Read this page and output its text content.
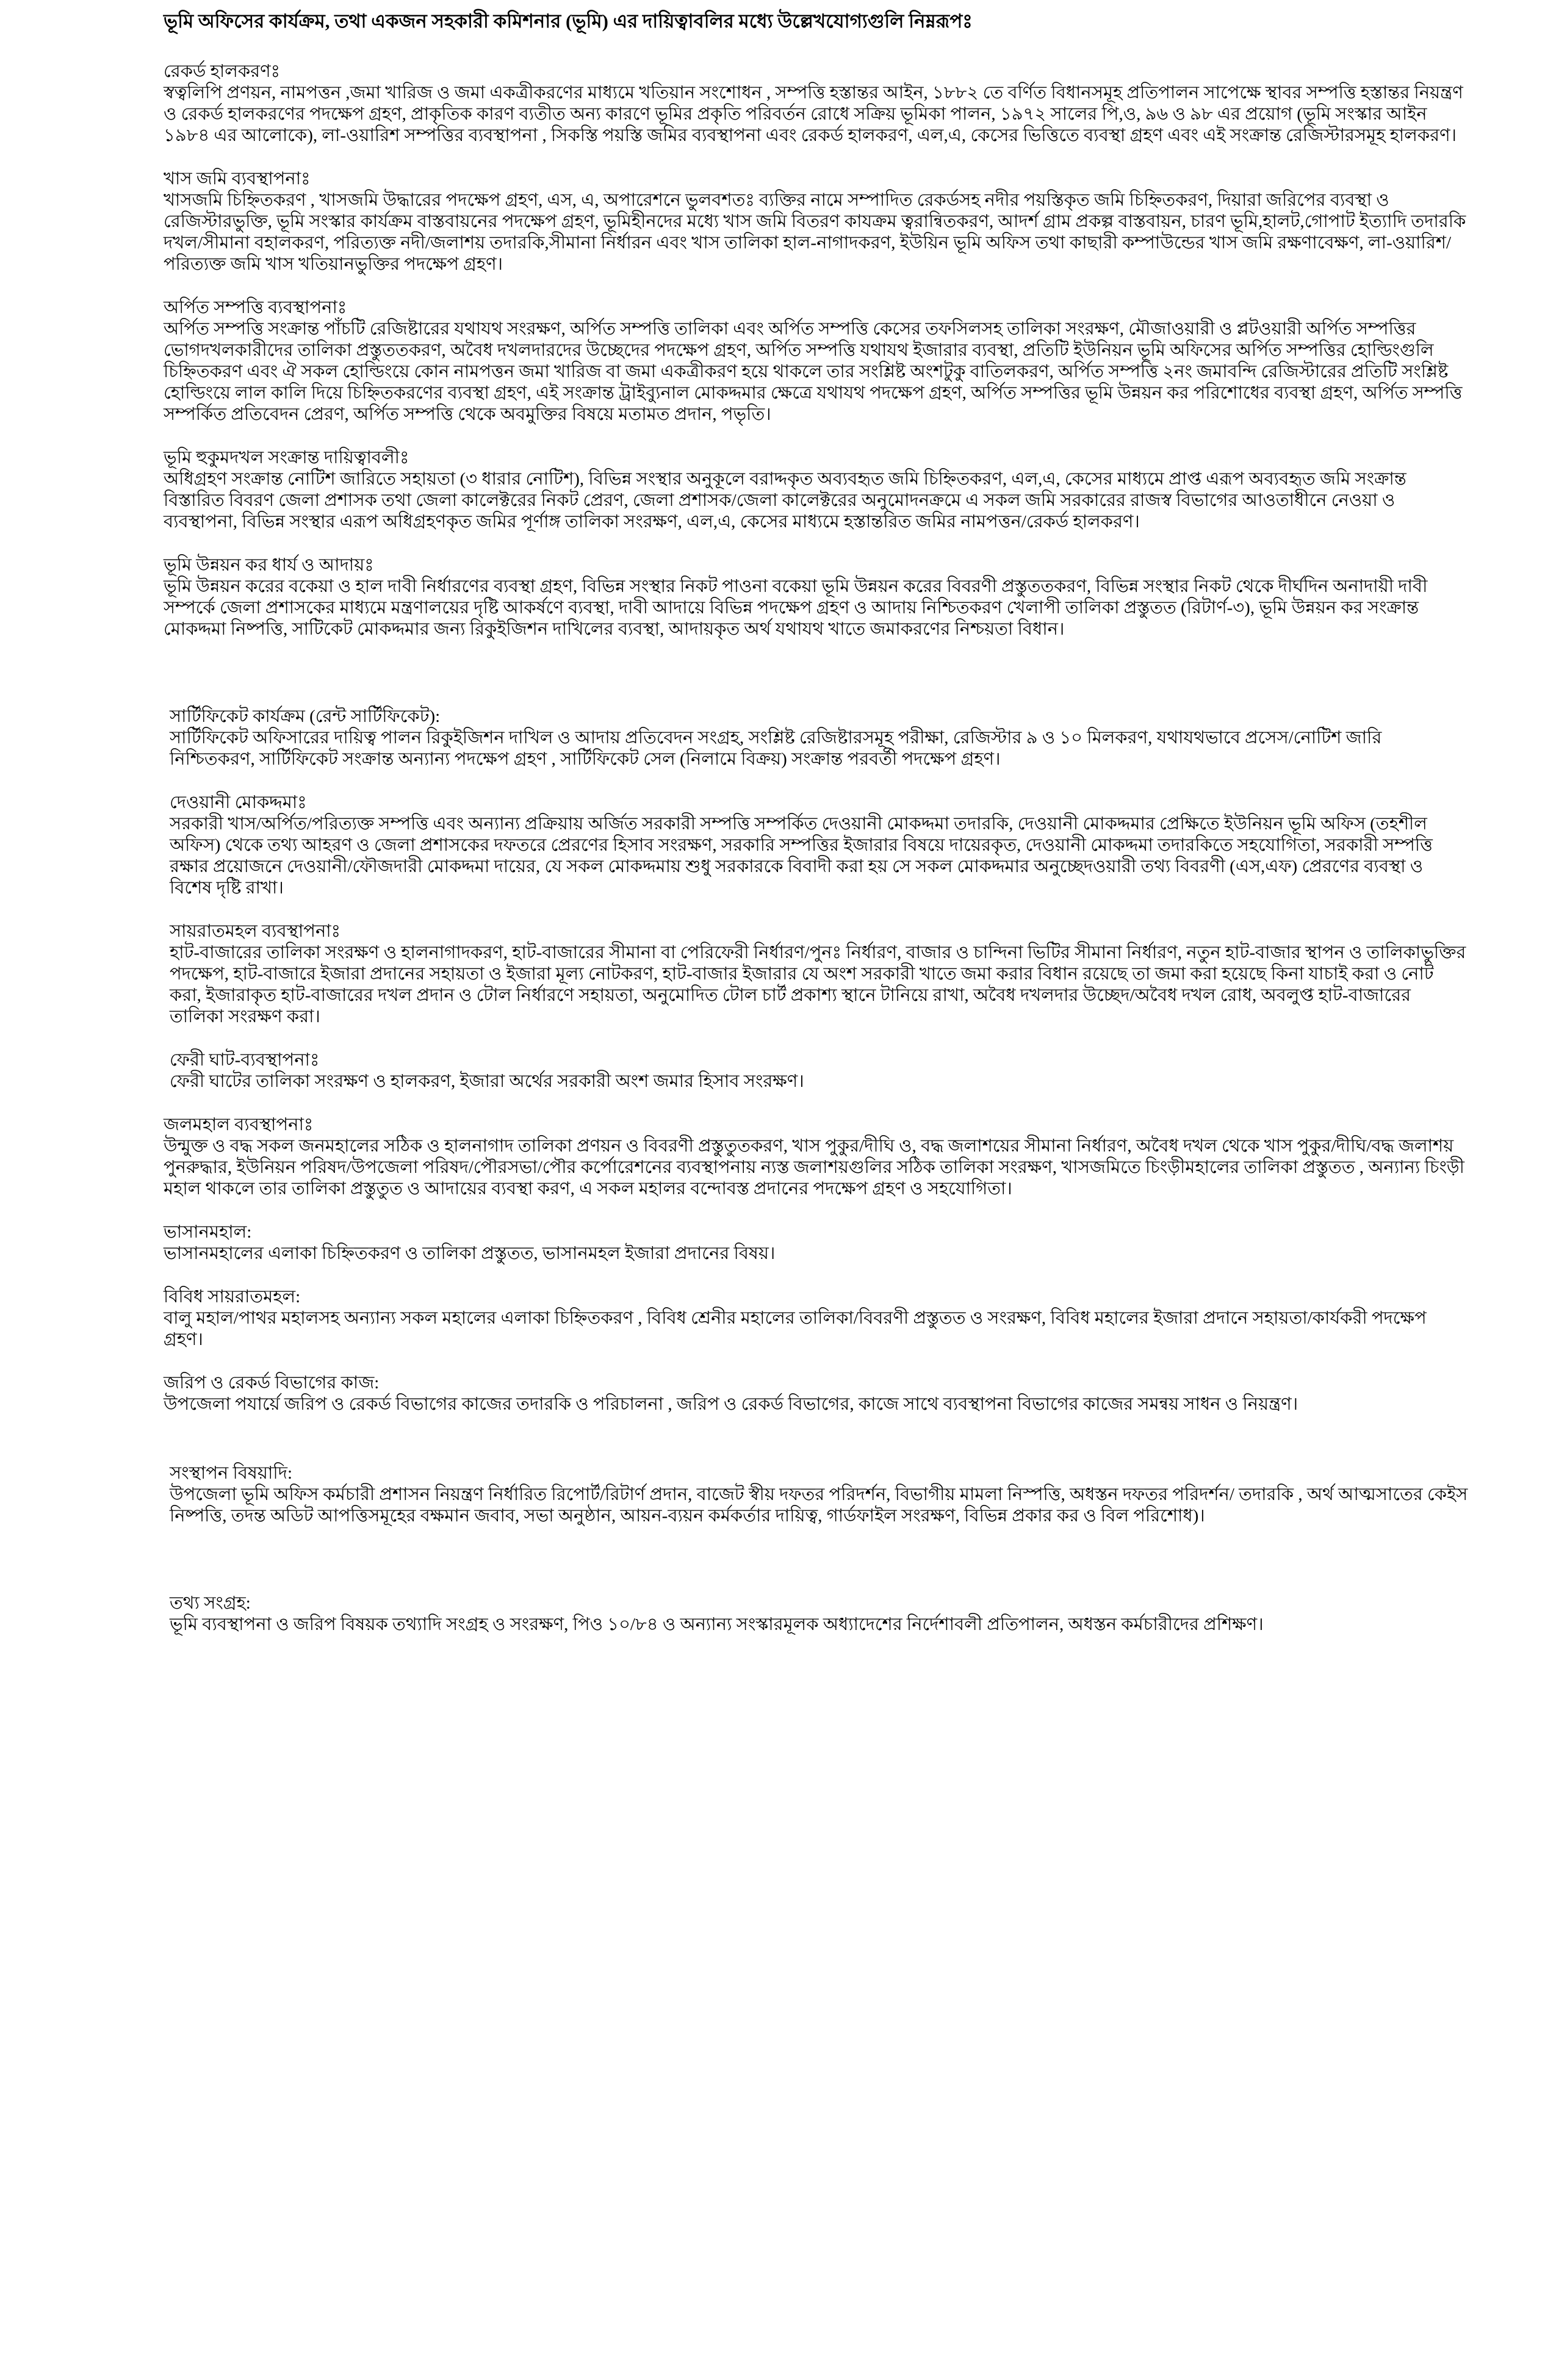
ভূমি অফিসের কার্যক্রম, তথা একজন সহকারী কমিশনার (ভূমি) এর দায়িত্বাবলির মধ্যে উল্লেখযোগ্যগুলি নিম্নরূপঃ
রেকর্ড হালকরণঃ

স্বত্বলিপি প্রণয়ন, নামপত্তন ,জমা খারিজ ও জমা একত্রীকরণের মাধ্যমে খতিয়ান সংশোধন , সম্পত্তি হস্তান্তর আইন, ১৮৮২ তে বর্ণিত বিধানসমূহ প্রতিপালন সাপেক্ষে স্থাবর সম্পত্তি হস্তান্তর নিয়ন্ত্রণ ও রেকর্ড হালকরণের পদক্ষেপ গ্রহণ, প্রাকৃতিক কারণ ব্যতীত অন্য কারণে ভূমির প্রকৃতি পরিবর্তন রোধে সক্রিয় ভূমিকা পালন, ১৯৭২ সালের পি,ও, ৯৬ ও ৯৮ এর প্রয়োগ (ভূমি সংস্কার আইন ১৯৮৪ এর আলোকে), লা-ওয়ারিশ সম্পত্তির ব্যবস্থাপনা , সিকস্তি পয়স্তি জমির ব্যবস্থাপনা এবং রেকর্ড হালকরণ, এল,এ, কেসের ভিত্তিতে ব্যবস্থা গ্রহণ এবং এই সংক্রান্ত রেজিস্টারসমূহ হালকরণ।

খাস জমি ব্যবস্থাপনাঃ

খাসজমি চিহ্নিতকরণ , খাসজমি উদ্ধারের পদক্ষেপ গ্রহণ, এস, এ, অপারেশনে ভুলবশতঃ ব্যক্তির নামে সম্পাদিত রেকর্ডসহ নদীর পয়স্তিকৃত জমি চিহ্নিতকরণ, দিয়ারা জরিপের ব্যবস্থা ও রেজিস্টারভুক্তি, ভূমি সংস্কার কার্যক্রম বাস্তবায়নের পদক্ষেপ গ্রহণ, ভূমিহীনদের মধ্যে খাস জমি বিতরণ কাযক্রম ত্বরান্বিতকরণ, আদর্শ গ্রাম প্রকল্প বাস্তবায়ন, চারণ ভূমি,হালট,গোপাট ইত্যাদি তদারকি দখল/সীমানা বহালকরণ, পরিত্যক্ত নদী/জলাশয় তদারকি,সীমানা নির্ধারন এবং খাস তালিকা হাল-নাগাদকরণ, ইউয়িন ভূমি অফিস তথা কাছারী কম্পাউন্ডের খাস জমি রক্ষণাবেক্ষণ, লা-ওয়ারিশ/পরিত্যক্ত জমি খাস খতিয়ানভুক্তির পদক্ষেপ গ্রহণ।

অর্পিত সম্পত্তি ব্যবস্থাপনাঃ

অর্পিত সম্পত্তি সংক্রান্ত পাঁচটি রেজিষ্টারের যথাযথ সংরক্ষণ, অর্পিত সম্পত্তি তালিকা এবং অর্পিত সম্পত্তি কেসের তফসিলসহ তালিকা সংরক্ষণ, মৌজাওয়ারী ও প্লটওয়ারী অর্পিত সম্পত্তির ভোগদখলকারীদের তালিকা প্রস্তুততকরণ, অবৈধ দখলদারদের উচ্ছেদের পদক্ষেপ গ্রহণ, অর্পিত সম্পত্তি যথাযথ ইজারার ব্যবস্থা, প্রতিটি ইউনিয়ন ভূমি অফিসের অর্পিত সম্পত্তির হোল্ডিংগুলি চিহ্নিতকরণ এবং ঐ সকল হোল্ডিংয়ে কোন নামপত্তন জমা খারিজ বা জমা একত্রীকরণ হয়ে থাকলে তার সংশ্লিষ্ট অংশটুকু বাতিলকরণ, অর্পিত সম্পত্তি ২নং জমাবন্দি রেজিস্টারের প্রতিটি সংশ্লিষ্ট হোল্ডিংয়ে লাল কালি দিয়ে চিহ্নিতকরণের ব্যবস্থা গ্রহণ, এই সংক্রান্ত ট্রাইব্যুনাল মোকদ্দমার ক্ষেত্রে যথাযথ পদক্ষেপ গ্রহণ, অর্পিত সম্পত্তির ভূমি উন্নয়ন কর পরিশোধের ব্যবস্থা গ্রহণ, অর্পিত সম্পত্তি সম্পর্কিত প্রতিবেদন প্রেরণ, অর্পিত সম্পত্তি থেকে অবমুক্তির বিষয়ে মতামত প্রদান, পভৃতি।

ভূমি হুকুমদখল সংক্রান্ত দায়িত্বাবলীঃ

অধিগ্রহণ সংক্রান্ত নোটিশ জারিতে সহায়তা (৩ ধারার নোটিশ), বিভিন্ন সংস্থার অনুকূলে বরাদ্দকৃত অব্যবহৃত জমি চিহ্নিতকরণ, এল,এ, কেসের মাধ্যমে প্রাপ্ত এরূপ অব্যবহৃত জমি সংক্রান্ত বিস্তারিত বিবরণ জেলা প্রশাসক তথা জেলা কালেক্টরের নিকট প্রেরণ, জেলা প্রশাসক/জেলা কালেক্টরের অনুমোদনক্রমে এ সকল জমি সরকারের রাজস্ব বিভাগের আওতাধীনে নেওয়া ও ব্যবস্থাপনা, বিভিন্ন সংস্থার এরূপ অধিগ্রহণকৃত জমির পূর্ণাঙ্গ তালিকা সংরক্ষণ, এল,এ, কেসের মাধ্যমে হস্তান্তরিত জমির নামপত্তন/রেকর্ড হালকরণ।

ভূমি উন্নয়ন কর ধার্য ও আদায়ঃ

ভূমি উন্নয়ন করের বকেয়া ও হাল দাবী নির্ধারণের ব্যবস্থা গ্রহণ, বিভিন্ন সংস্থার নিকট পাওনা বকেয়া ভূমি উন্নয়ন করের বিবরণী প্রস্তুততকরণ, বিভিন্ন সংস্থার নিকট থেকে দীর্ঘদিন অনাদায়ী দাবী সম্পর্কে জেলা প্রশাসকের মাধ্যমে মন্ত্রণালয়ের দৃষ্টি আকর্ষণে ব্যবস্থা, দাবী আদায়ে বিভিন্ন পদক্ষেপ গ্রহণ ও আদায় নিশ্চিতকরণ খেলাপী তালিকা প্রস্তুতত (রিটার্ণ-৩), ভূমি উন্নয়ন কর সংক্রান্ত মোকদ্দমা নিষ্পত্তি, সাটিকেট মোকদ্দমার জন্য রিকুইজিশন দাখিলের ব্যবস্থা, আদায়কৃত অর্থ যথাযথ খাতে জমাকরণের নিশ্চয়তা বিধান।

সার্টিফিকেট কার্যক্রম (রেন্ট সার্টিফিকেট):

সার্টিফিকেট অফিসারের দায়িত্ব পালন রিকুইজিশন দাখিল ও আদায় প্রতিবেদন সংগ্রহ, সংশ্লিষ্ট রেজিষ্টারসমূহ পরীক্ষা, রেজিস্টার ৯ ও ১০ মিলকরণ, যথাযথভাবে প্রসেস/নোটিশ জারি নিশ্চিতকরণ, সার্টিফিকেট সংক্রান্ত অন্যান্য পদক্ষেপ গ্রহণ , সার্টিফিকেট সেল (নিলামে বিক্রয়) সংক্রান্ত পরবর্তী পদক্ষেপ গ্রহণ।

দেওয়ানী মোকদ্দমাঃ

সরকারী খাস/অর্পিত/পরিত্যক্ত সম্পত্তি এবং অন্যান্য প্রক্রিয়ায় অর্জিত সরকারী সম্পত্তি সম্পর্কিত দেওয়ানী মোকদ্দমা তদারকি, দেওয়ানী মোকদ্দমার প্রেক্ষিতে ইউনিয়ন ভূমি অফিস (তহশীল অফিস) থেকে তথ্য আহরণ ও জেলা প্রশাসকের দফতরে প্রেরণের হিসাব সংরক্ষণ, সরকারি সম্পত্তির ইজারার বিষয়ে দায়েরকৃত, দেওয়ানী মোকদ্দমা তদারকিতে সহযোগিতা, সরকারী সম্পত্তি রক্ষার প্রয়োজনে দেওয়ানী/ফৌজদারী মোকদ্দমা দায়ের, যে সকল মোকদ্দমায় শুধু সরকারকে বিবাদী করা হয় সে সকল মোকদ্দমার অনুচ্ছেদওয়ারী তথ্য বিবরণী (এস,এফ) প্রেরণের ব্যবস্থা ও বিশেষ দৃষ্টি রাখা।

সায়রাতমহল ব্যবস্থাপনাঃ

হাট-বাজারের তালিকা সংরক্ষণ ও হালনাগাদকরণ, হাট-বাজারের সীমানা বা পেরিফেরী নির্ধারণ/পুনঃ নির্ধারণ, বাজার ও চান্দিনা ভিটির সীমানা নির্ধারণ, নতুন হাট-বাজার স্থাপন ও তালিকাভুক্তির পদক্ষেপ, হাট-বাজারে ইজারা প্রদানের সহায়তা ও ইজারা মূল্য নোটকরণ, হাট-বাজার ইজারার যে অংশ সরকারী খাতে জমা করার বিধান রয়েছে তা জমা করা হয়েছে কিনা যাচাই করা ও নোট করা, ইজারাকৃত হাট-বাজারের দখল প্রদান ও টোল নির্ধারণে সহায়তা, অনুমোদিত টোল চার্ট প্রকাশ্য স্থানে টানিয়ে রাখা, অবৈধ দখলদার উচ্ছেদ/অবৈধ দখল রোধ, অবলুপ্ত হাট-বাজারের তালিকা সংরক্ষণ করা।

ফেরী ঘাট-ব্যবস্থাপনাঃ

ফেরী ঘাটের তালিকা সংরক্ষণ ও হালকরণ, ইজারা অর্থের সরকারী অংশ জমার হিসাব সংরক্ষণ।

জলমহাল ব্যবস্থাপনাঃ

উন্মুক্ত ও বদ্ধ সকল জনমহালের সঠিক ও হালনাগাদ তালিকা প্রণয়ন ও বিবরণী প্রস্তুতুতকরণ, খাস পুকুর/দীঘি ও, বদ্ধ জলাশয়ের সীমানা নির্ধারণ, অবৈধ দখল থেকে খাস পুকুর/দীঘি/বদ্ধ জলাশয় পুনরুদ্ধার, ইউনিয়ন পরিষদ/উপজেলা পরিষদ/পৌরসভা/পৌর কর্পোরেশনের ব্যবস্থাপনায় ন্যস্ত জলাশয়গুলির সঠিক তালিকা সংরক্ষণ, খাসজমিতে চিংড়ীমহালের তালিকা প্রস্তুতত , অন্যান্য চিংড়ী মহাল থাকলে তার তালিকা প্রস্তুতুত ও আদায়ের ব্যবস্থা করণ, এ সকল মহালর বন্দোবস্ত প্রদানের পদক্ষেপ গ্রহণ ও সহযোগিতা।

ভাসানমহাল:

ভাসানমহালের এলাকা চিহ্নিতকরণ ও তালিকা প্রস্তুতত, ভাসানমহল ইজারা প্রদানের বিষয়।

বিবিধ সায়রাতমহল:

বালু মহাল/পাথর মহালসহ অন্যান্য সকল মহালের এলাকা চিহ্নিতকরণ , বিবিধ শ্রেনীর মহালের তালিকা/বিবরণী প্রস্তুতত ও সংরক্ষণ, বিবিধ মহালের ইজারা প্রদানে সহায়তা/কার্যকরী পদক্ষেপ গ্রহণ।

জরিপ ও রেকর্ড বিভাগের কাজ:

উপজেলা পযার্য়ে জরিপ ও রেকর্ড বিভাগের কাজের তদারকি ও পরিচালনা , জরিপ ও রেকর্ড বিভাগের, কাজে সাথে ব্যবস্থাপনা বিভাগের কাজের সমন্বয় সাধন ও নিয়ন্ত্রণ।

সংস্থাপন বিষয়াদি:

উপজেলা ভূমি অফিস কর্মচারী প্রশাসন নিয়ন্ত্রণ নির্ধারিত রিপোর্ট/রিটার্ণ প্রদান, বাজেট স্বীয় দফতর পরিদর্শন, বিভাগীয় মামলা নিস্পত্তি, অধস্তন দফতর পরিদর্শন/ তদারকি , অর্থ আত্মসাতের কেইস নিষ্পত্তি, তদন্ত অডিট আপত্তিসমূহের বক্ষমান জবাব, সভা অনুষ্ঠান, আয়ন-ব্যয়ন কর্মকর্তার দায়িত্ব, গার্ডফাইল সংরক্ষণ, বিভিন্ন প্রকার কর ও বিল পরিশোধ)।

তথ্য সংগ্রহ:

ভূমি ব্যবস্থাপনা ও জরিপ বিষয়ক তথ্যাদি সংগ্রহ ও সংরক্ষণ, পিও ১০/৮৪ ও অন্যান্য সংস্কারমূলক অধ্যাদেশের নির্দেশাবলী প্রতিপালন, অধস্তন কর্মচারীদের প্রশিক্ষণ।
